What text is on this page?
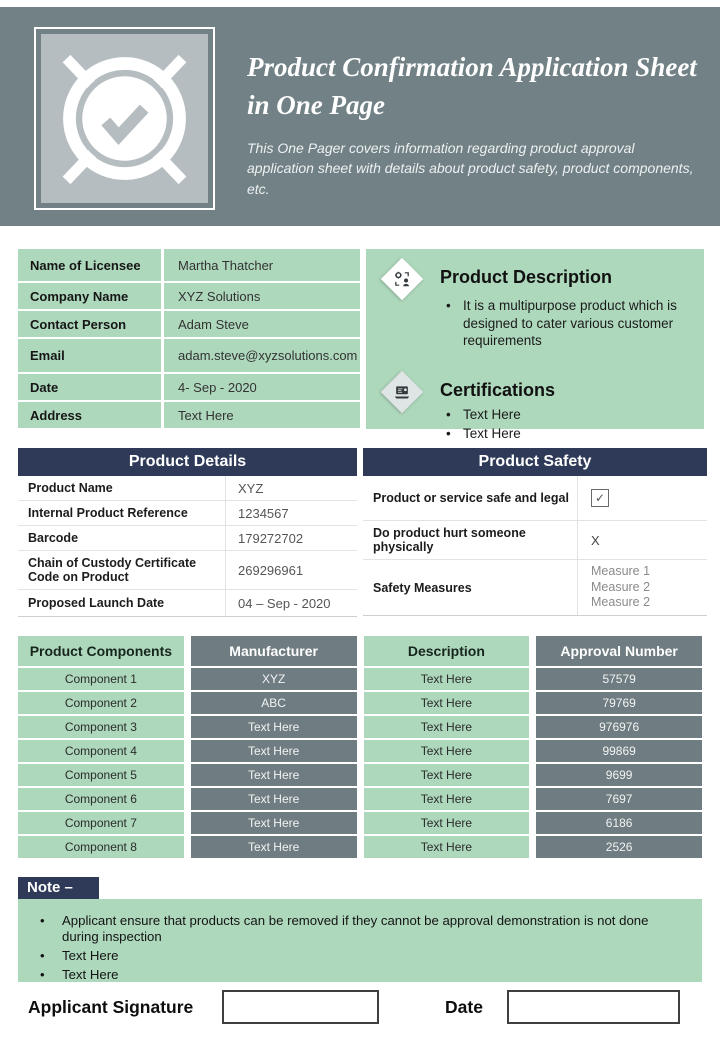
Product Confirmation Application Sheet in One Page

This One Pager covers information regarding product approval
application sheet with details about product safety, product components, etc.

Name of Licensee	Martha Thatcher
Company Name	XYZ Solutions
Contact Person	Adam Steve
Email	adam.steve@xyzsolutions.com
Date	4- Sep - 2020
Address	Text Here
Product Description
• It is a multipurpose product which is designed to cater various customer requirements
Certifications
• Text Here
• Text Here
Product Details
Product Name	XYZ
Internal Product Reference	1234567
Barcode	179272702
Chain of Custody Certificate Code on Product	269296961
Proposed Launch Date	04 – Sep - 2020
Product Safety
Product or service safe and legal	✓
Do product hurt someone physically	X
Safety Measures
Measure 1
Measure 2
Measure 2
Product Components	Manufacturer	Description	Approval Number
Component 1	XYZ	Text Here	57579
Component 2	ABC	Text Here	79769
Component 3	Text Here	Text Here	976976
Component 4	Text Here	Text Here	99869
Component 5	Text Here	Text Here	9699
Component 6	Text Here	Text Here	7697
Component 7	Text Here	Text Here	6186
Component 8	Text Here	Text Here	2526
• Applicant ensure that products can be removed if they cannot be approval demonstration is not done during inspection
• Text Here
• Text Here
Note –
Applicant Signature	Date
